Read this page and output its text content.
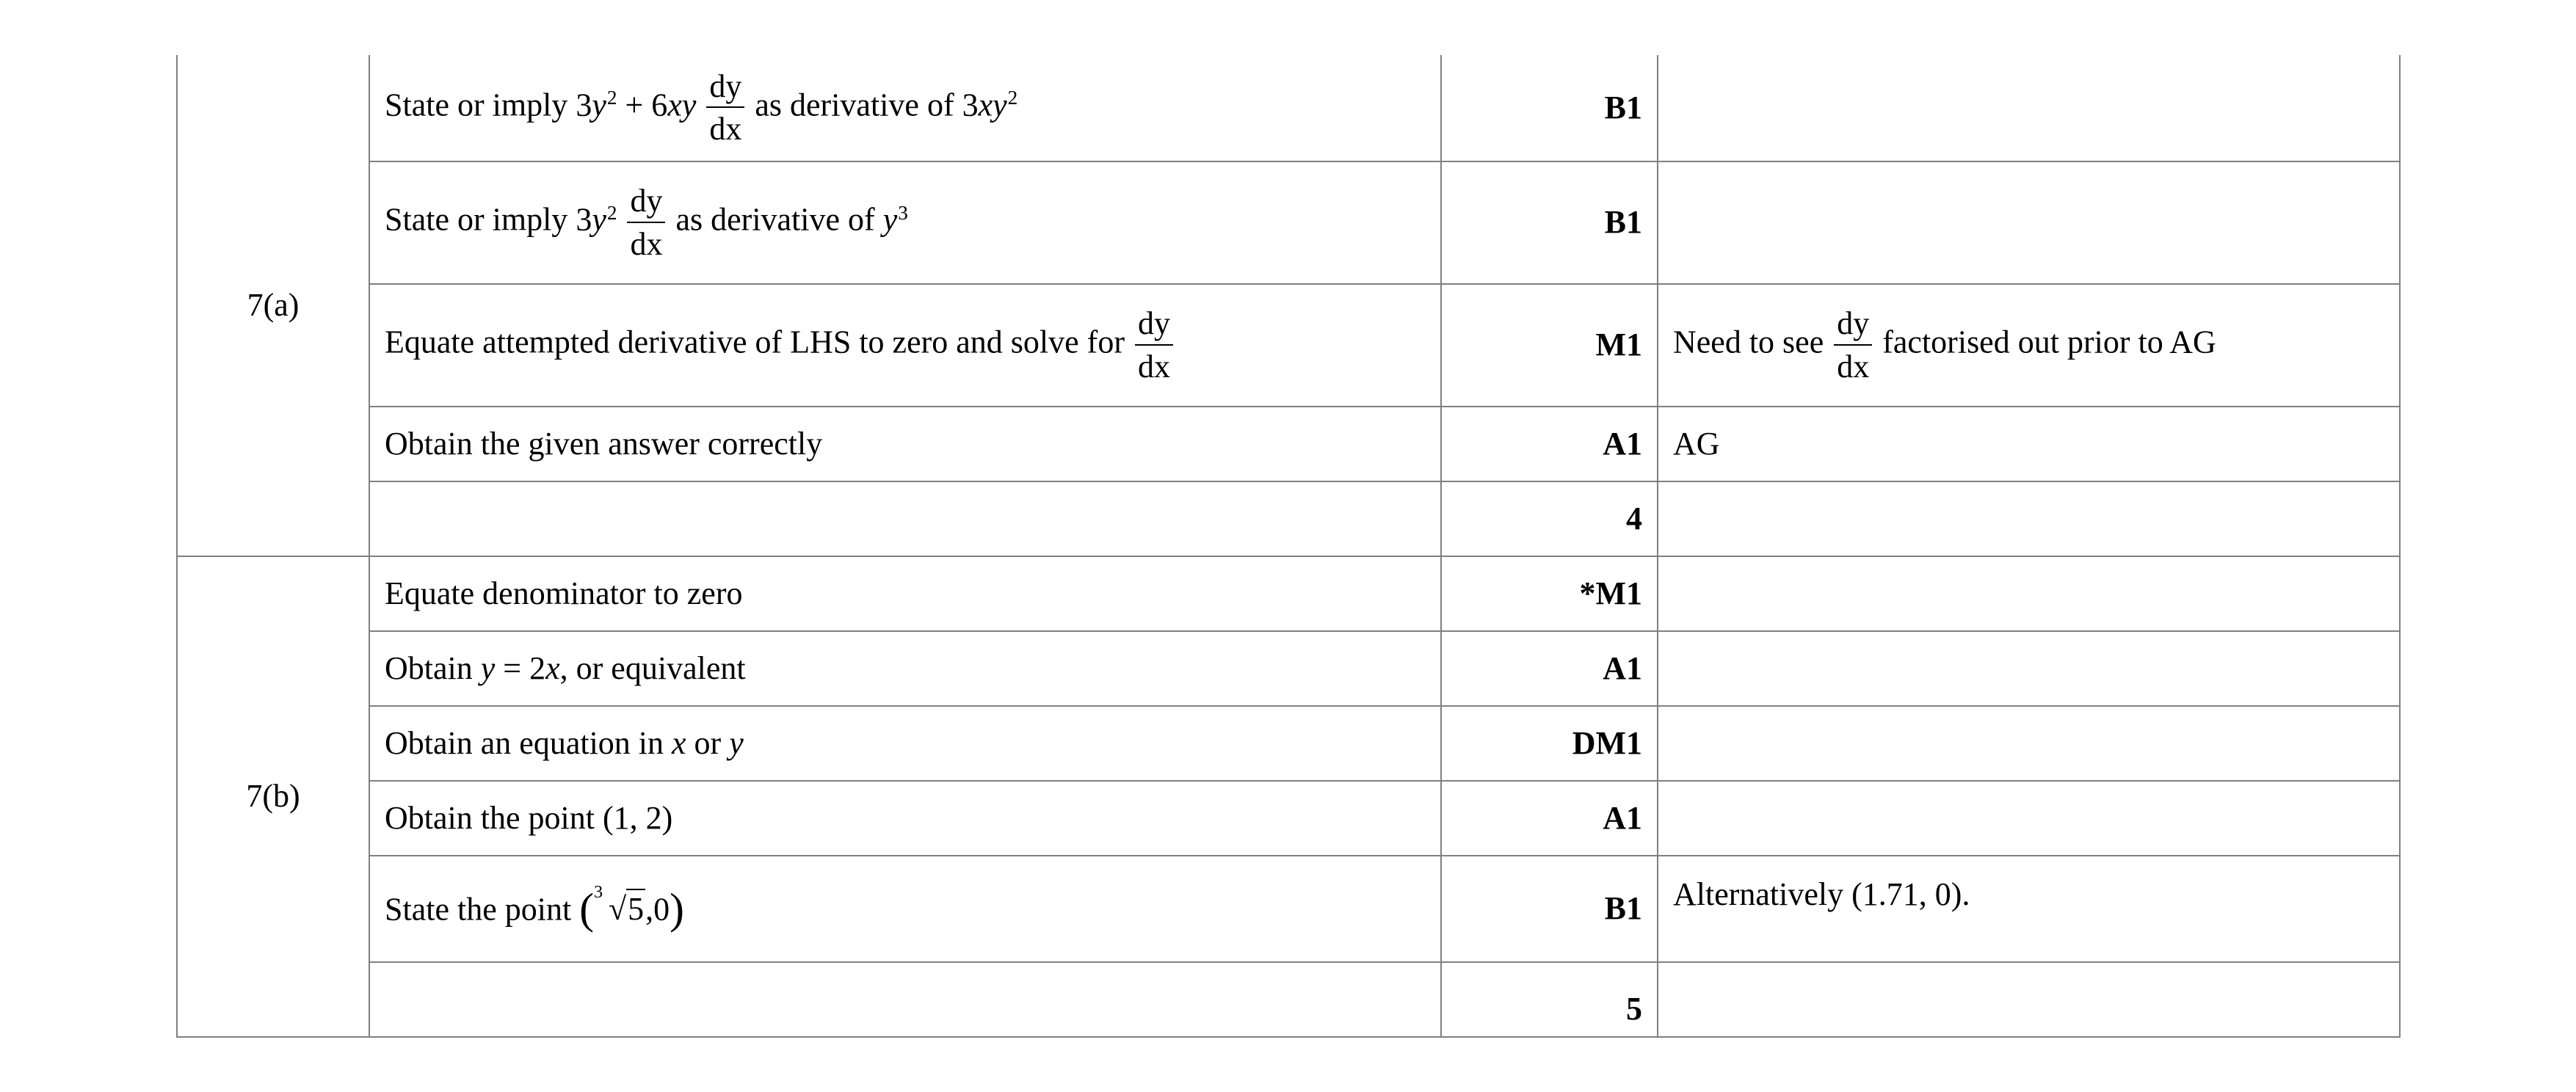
7(a)	State or imply $3y^2 + 6xy \frac{dy}{dx}$ as derivative of $3xy^2$	B1	
	State or imply $3y^2 \frac{dy}{dx}$ as derivative of $y^3$	B1	
	Equate attempted derivative of LHS to zero and solve for $\frac{dy}{dx}$	M1	Need to see $\frac{dy}{dx}$ factorised out prior to AG
	Obtain the given answer correctly	A1	AG
		4	
7(b)	Equate denominator to zero	*M1	
	Obtain y = 2x, or equivalent	A1	
	Obtain an equation in x or y	DM1	
	Obtain the point (1, 2)	A1	
	State the point ( 3 √5,0)	B1	Alternatively (1.71, 0).
		5	
